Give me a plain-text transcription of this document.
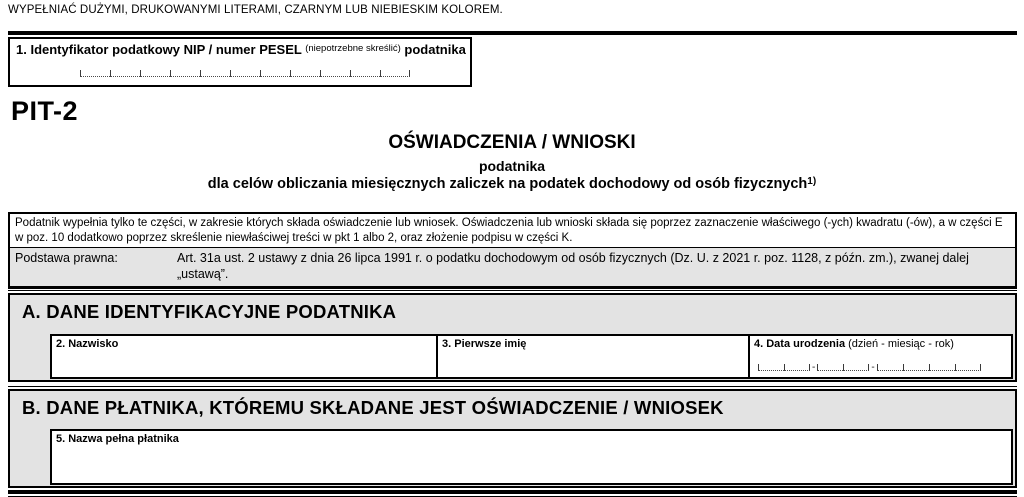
WYPEŁNIAĆ DUŻYMI, DRUKOWANYMI LITERAMI, CZARNYM LUB NIEBIESKIM KOLOREM.
1. Identyfikator podatkowy NIP / numer PESEL $^{(niepotrzebne skreślić)}$ podatnika
PIT-2
OŚWIADCZENIA / WNIOSKI
podatnika
dla celów obliczania miesięcznych zaliczek na podatek dochodowy od osób fizycznych$^{1)}$
Podatnik wypełnia tylko te części, w zakresie których składa oświadczenie lub wniosek. Oświadczenia lub wnioski składa się poprzez zaznaczenie właściwego (-ych) kwadratu (-ów), a w części E w poz. 10 dodatkowo poprzez skreślenie niewłaściwej treści w pkt 1 albo 2, oraz złożenie podpisu w części K.
Podstawa prawna:	Art. 31a ust. 2 ustawy z dnia 26 lipca 1991 r. o podatku dochodowym od osób fizycznych (Dz. U. z 2021 r. poz. 1128, z późn. zm.), zwanej dalej „ustawą”.
A. DANE IDENTYFIKACYJNE PODATNIKA
2. Nazwisko	3. Pierwsze imię	4. Data urodzenia (dzień - miesiąc - rok)
-	-
B. DANE PŁATNIKA, KTÓREMU SKŁADANE JEST OŚWIADCZENIE / WNIOSEK
5. Nazwa pełna płatnika
